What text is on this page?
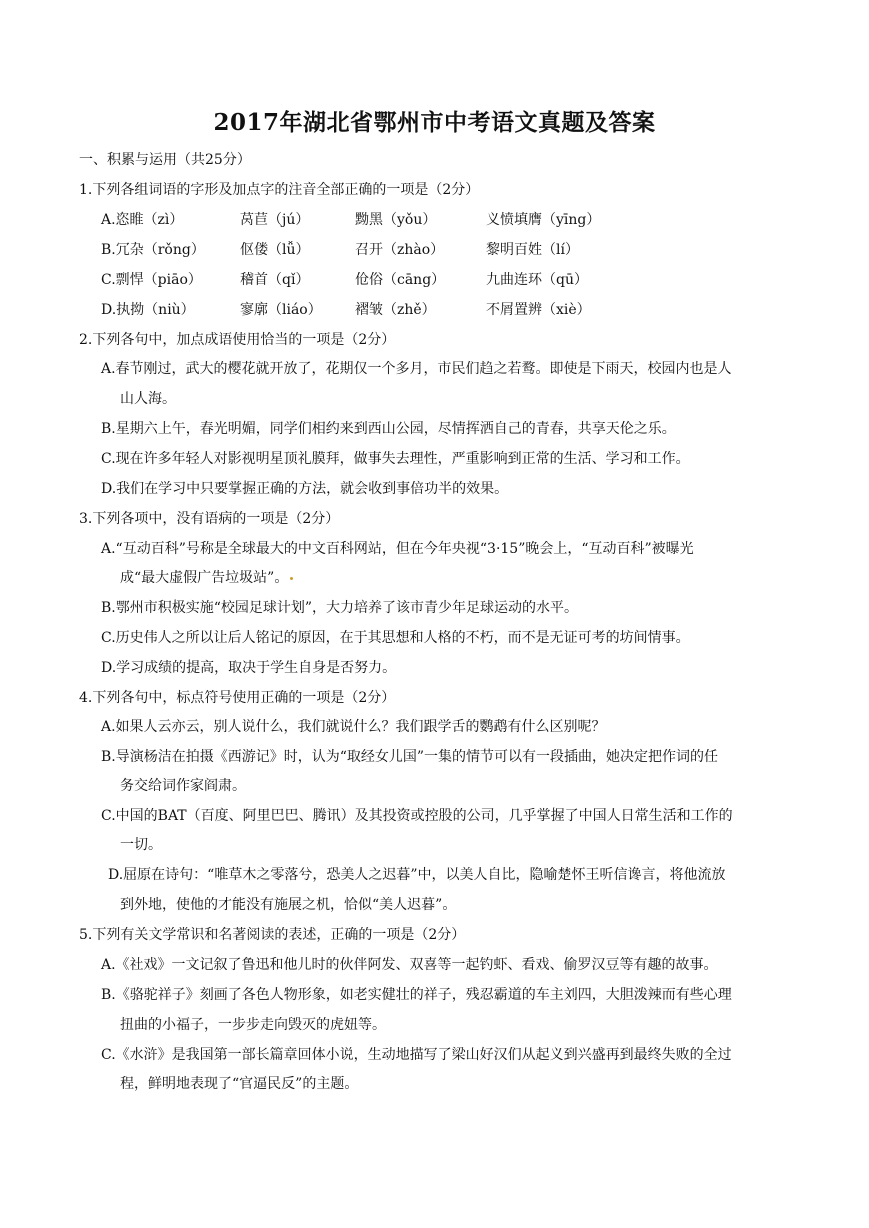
2017年湖北省鄂州市中考语文真题及答案
一、积累与运用（共25分）
1.下列各组词语的字形及加点字的注音全部正确的一项是（2分）
A.恣睢（zì）	莴苣（jú）	黝黑（yǒu）	义愤填膺（yīng）
B.冗杂（rǒng）	伛偻（lǚ）	召开（zhào）	黎明百姓（lí）
C.剽悍（piāo）	稽首（qǐ）	伧俗（cāng）	九曲连环（qū）
D.执拗（niù）	寥廓（liáo） 褶皱（zhě）	不屑置辨（xiè）
2.下列各句中，加点成语使用恰当的一项是（2分）
A.春节刚过，武大的樱花就开放了，花期仅一个多月，市民们趋之若鹜。即使是下雨天，校园内也是人
山人海。
B.星期六上午，春光明媚，同学们相约来到西山公园，尽情挥洒自己的青春，共享天伦之乐。
C.现在许多年轻人对影视明星顶礼膜拜，做事失去理性，严重影响到正常的生活、学习和工作。
D.我们在学习中只要掌握正确的方法，就会收到事倍功半的效果。
3.下列各项中，没有语病的一项是（2分）
A.“互动百科”号称是全球最大的中文百科网站，但在今年央视“3·15”晚会上，“互动百科”被曝光
成“最大虚假广告垃圾站”。
B.鄂州市积极实施“校园足球计划”，大力培养了该市青少年足球运动的水平。
C.历史伟人之所以让后人铭记的原因，在于其思想和人格的不朽，而不是无证可考的坊间情事。
D.学习成绩的提高，取决于学生自身是否努力。
4.下列各句中，标点符号使用正确的一项是（2分）
A.如果人云亦云，别人说什么，我们就说什么？我们跟学舌的鹦鹉有什么区别呢？
B.导演杨洁在拍摄《西游记》时，认为“取经女儿国”一集的情节可以有一段插曲，她决定把作词的任
务交给词作家阎肃。
C.中国的BAT（百度、阿里巴巴、腾讯）及其投资或控股的公司，几乎掌握了中国人日常生活和工作的
一切。
D.屈原在诗句：“唯草木之零落兮，恐美人之迟暮”中，以美人自比，隐喻楚怀王听信谗言，将他流放
到外地，使他的才能没有施展之机，恰似“美人迟暮”。
5.下列有关文学常识和名著阅读的表述，正确的一项是（2分）
A.《社戏》一文记叙了鲁迅和他儿时的伙伴阿发、双喜等一起钓虾、看戏、偷罗汉豆等有趣的故事。
B.《骆驼祥子》刻画了各色人物形象，如老实健壮的祥子，残忍霸道的车主刘四，大胆泼辣而有些心理
扭曲的小福子，一步步走向毁灭的虎妞等。
C.《水浒》是我国第一部长篇章回体小说，生动地描写了梁山好汉们从起义到兴盛再到最终失败的全过
程，鲜明地表现了“官逼民反”的主题。
